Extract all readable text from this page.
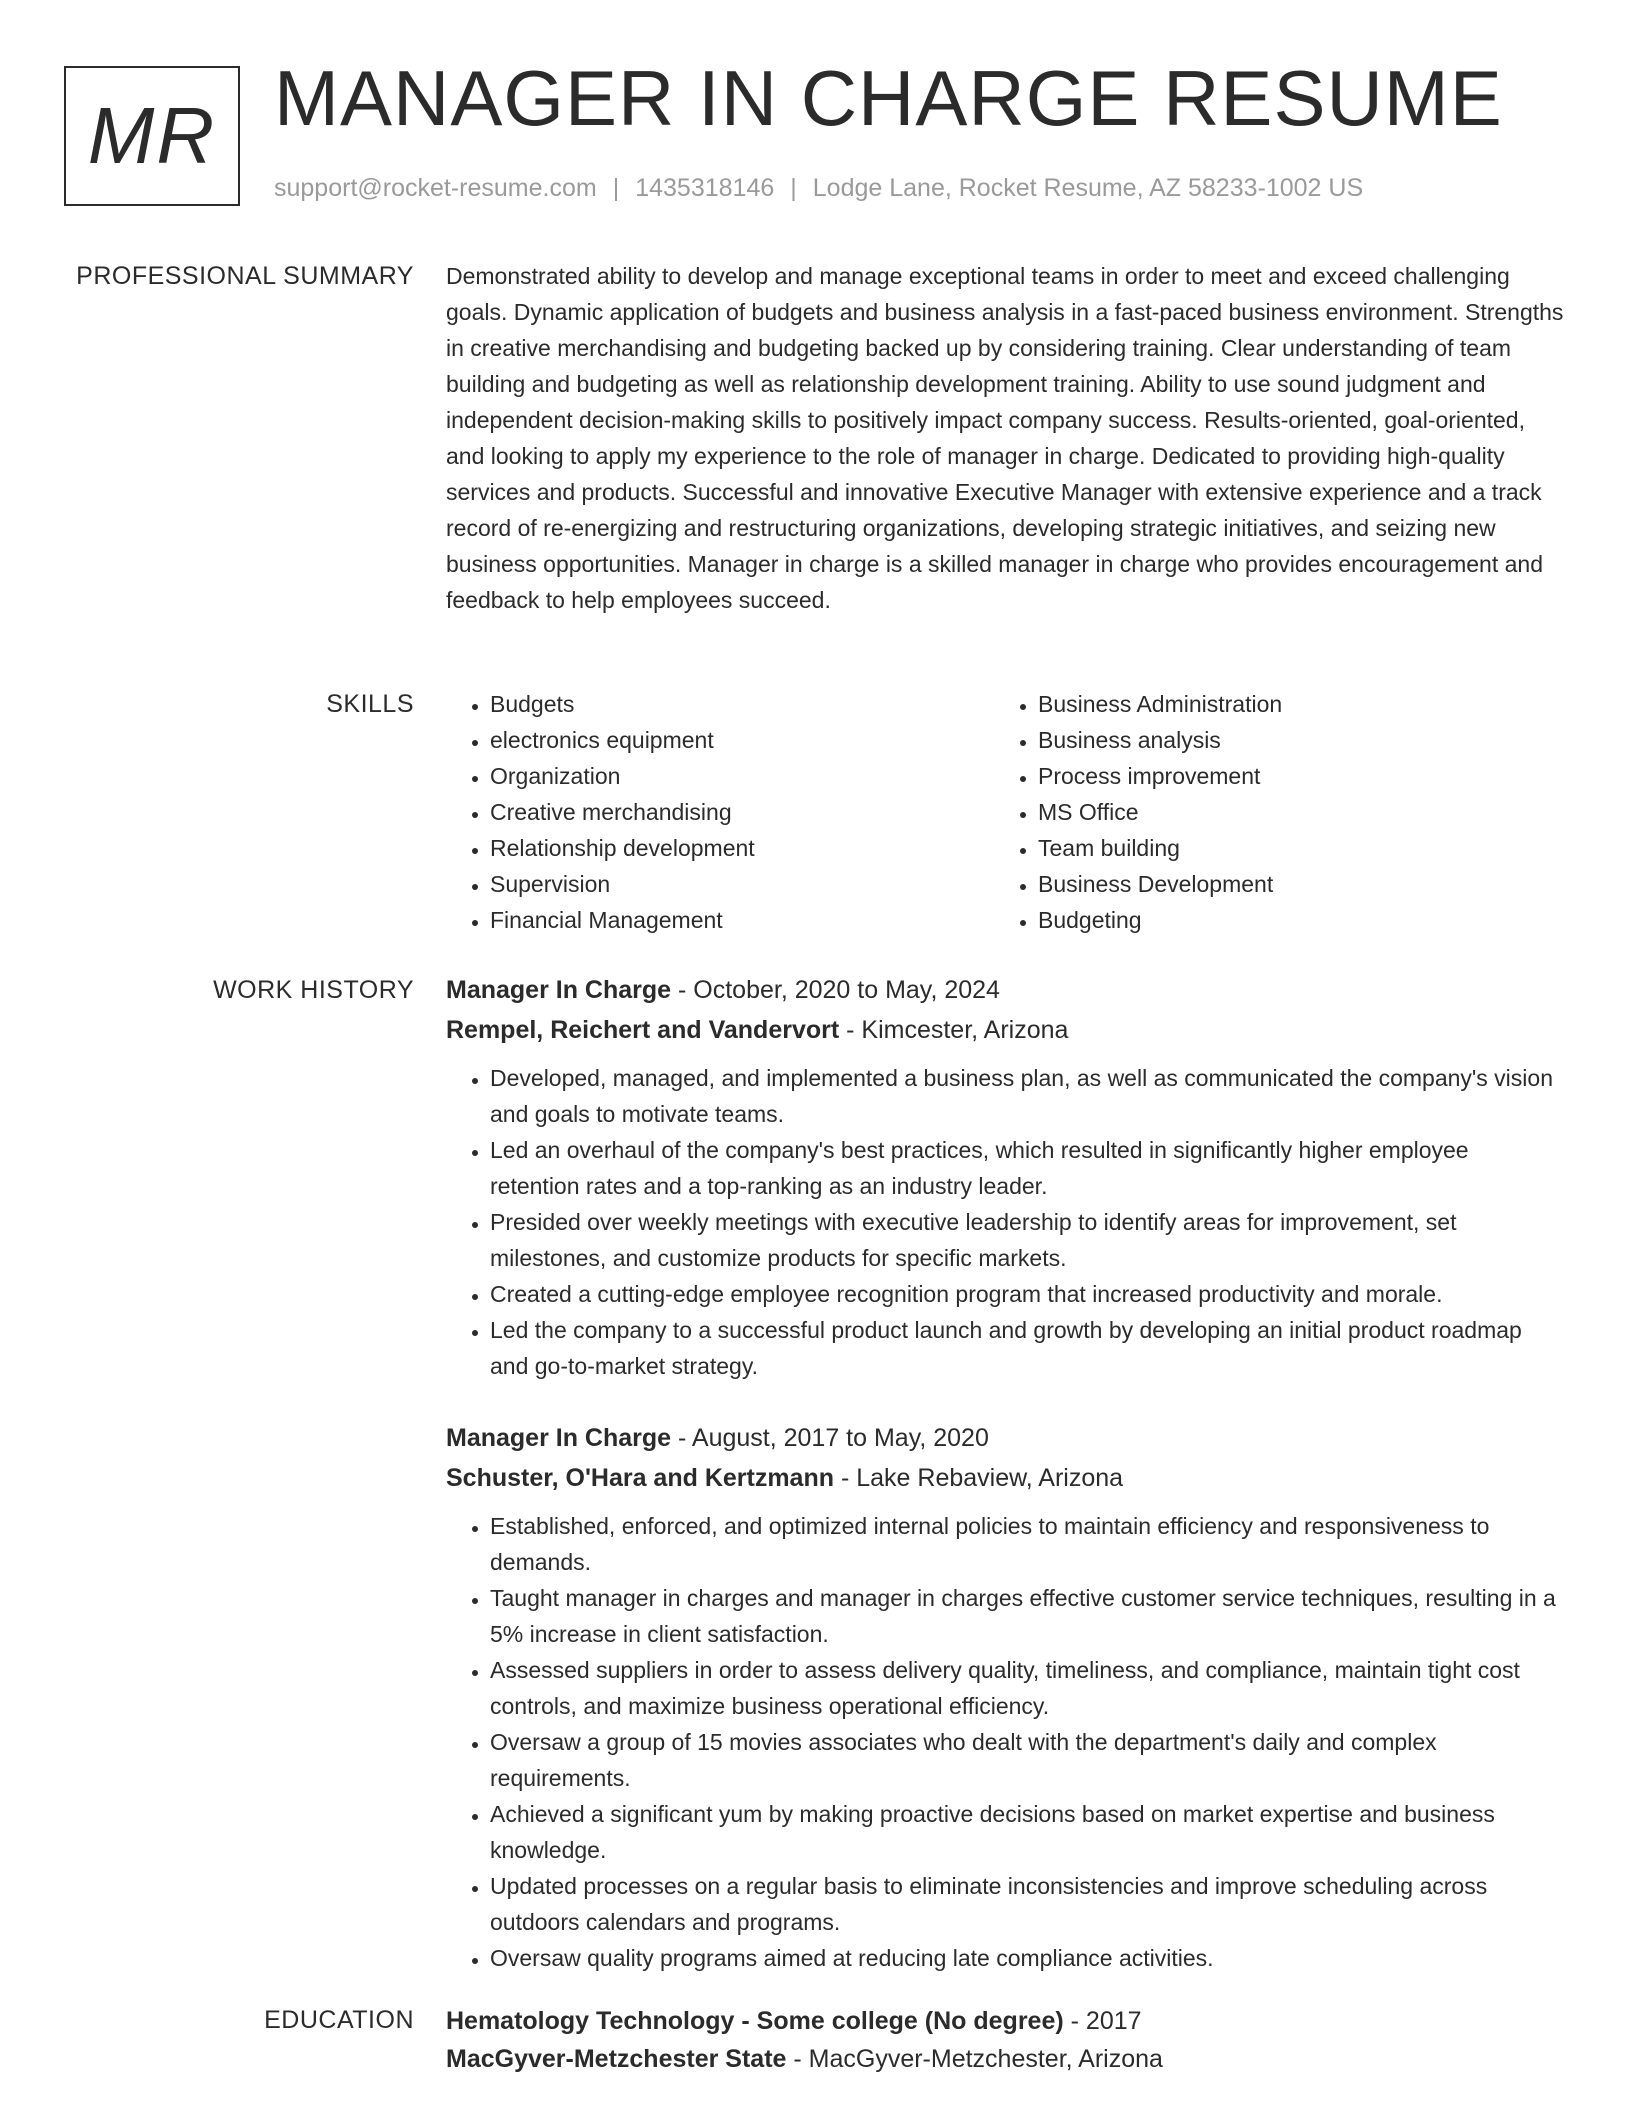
MR MANAGER IN CHARGE RESUME
support@rocket-resume.com | 1435318146 | Lodge Lane, Rocket Resume, AZ 58233-1002 US
PROFESSIONAL SUMMARY Demonstrated ability to develop and manage exceptional teams in order to meet and exceed challenging goals. Dynamic application of budgets and business analysis in a fast-paced business environment. Strengths in creative merchandising and budgeting backed up by considering training. Clear understanding of team building and budgeting as well as relationship development training. Ability to use sound judgment and independent decision-making skills to positively impact company success. Results-oriented, goal-oriented, and looking to apply my experience to the role of manager in charge. Dedicated to providing high-quality services and products. Successful and innovative Executive Manager with extensive experience and a track record of re-energizing and restructuring organizations, developing strategic initiatives, and seizing new business opportunities. Manager in charge is a skilled manager in charge who provides encouragement and feedback to help employees succeed.

SKILLS
•	Budgets
• electronics equipment
• Organization
• Creative merchandising
• Relationship development
• Supervision
• Financial Management
• Business Administration
• Business analysis
• Process improvement
• MS Office
• Team building
• Business Development
• Budgeting
WORK HISTORY Manager In Charge - October, 2020 to May, 2024
Rempel, Reichert and Vandervort - Kimcester, Arizona
• Developed, managed, and implemented a business plan, as well as communicated the company's vision and goals to motivate teams.
• Led an overhaul of the company's best practices, which resulted in significantly higher employee retention rates and a top-ranking as an industry leader.
• Presided over weekly meetings with executive leadership to identify areas for improvement, set milestones, and customize products for specific markets.
• Created a cutting-edge employee recognition program that increased productivity and morale.
• Led the company to a successful product launch and growth by developing an initial product roadmap and go-to-market strategy.
Manager In Charge - August, 2017 to May, 2020
Schuster, O'Hara and Kertzmann - Lake Rebaview, Arizona
• Established, enforced, and optimized internal policies to maintain efficiency and responsiveness to demands.
• Taught manager in charges and manager in charges effective customer service techniques, resulting in a 5% increase in client satisfaction.
• Assessed suppliers in order to assess delivery quality, timeliness, and compliance, maintain tight cost controls, and maximize business operational efficiency.
• Oversaw a group of 15 movies associates who dealt with the department's daily and complex requirements.
• Achieved a significant yum by making proactive decisions based on market expertise and business knowledge.
• Updated processes on a regular basis to eliminate inconsistencies and improve scheduling across outdoors calendars and programs.
• Oversaw quality programs aimed at reducing late compliance activities.
EDUCATION Hematology Technology - Some college (No degree) - 2017
MacGyver-Metzchester State - MacGyver-Metzchester, Arizona
